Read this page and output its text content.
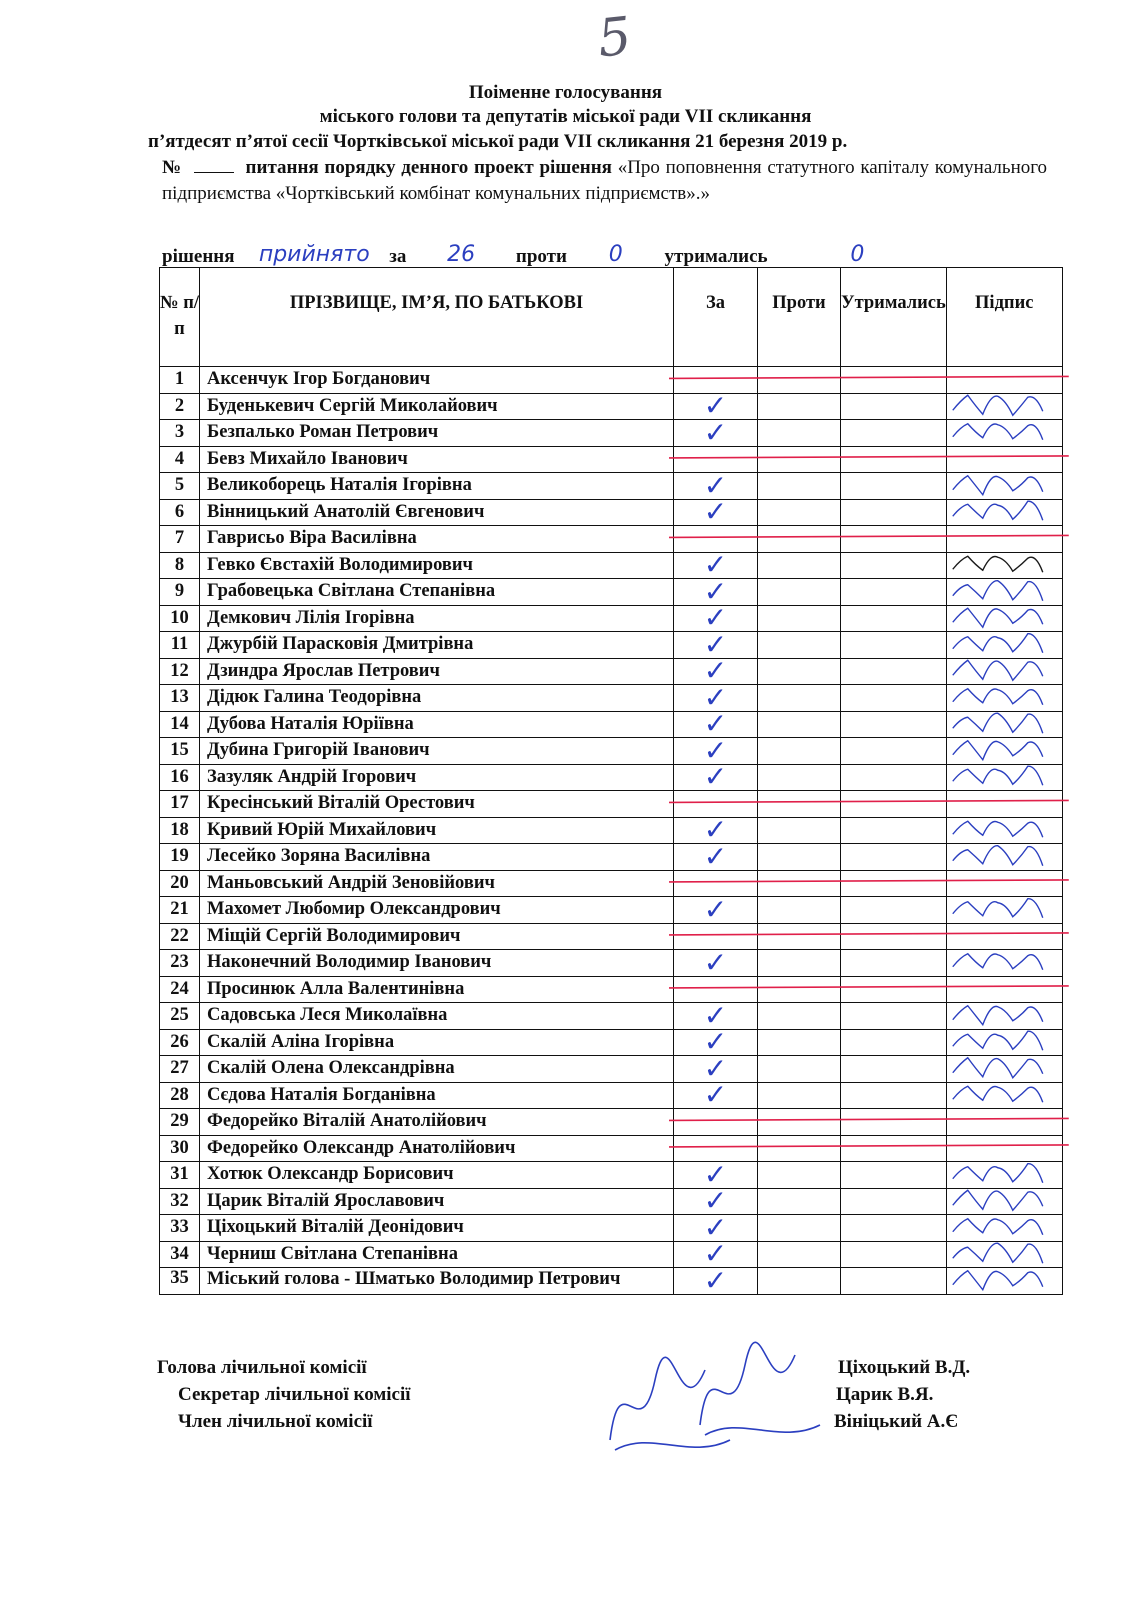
5
Поіменне голосування
міського голови та депутатів міської ради VII скликання
п’ятдесят п’ятої сесії Чортківської міської ради VII скликання 21 березня 2019 р.
№	питання порядку денного проект рішення «Про поповнення статутного капіталу комунального підприємства «Чортківський комбінат комунальних підприємств».»
рішення прийнято за 26 проти 0 утримались	0
№ п/п	ПРІЗВИЩЕ, ІМ’Я, ПО БАТЬКОВІ	За	Проти	Утримались	Підпис
1	Аксенчук Ігор Богданович				
2	Буденькевич Сергій Миколайович	✓			

3	Безпалько Роман Петрович	✓			

4	Бевз Михайло Іванович				
5	Великоборець Наталія Ігорівна	✓			

6	Вінницький Анатолій Євгенович	✓			

7	Гаврисьо Віра Василівна				
8	Гевко Євстахій Володимирович	✓			

9	Грабовецька Світлана Степанівна	✓			

10	Демкович Лілія Ігорівна	✓			

11	Джурбій Парасковія Дмитрівна	✓			

12	Дзиндра Ярослав Петрович	✓			

13	Дідюк Галина Теодорівна	✓			

14	Дубова Наталія Юріївна	✓			

15	Дубина Григорій Іванович	✓			

16	Зазуляк Андрій Ігорович	✓			

17	Кресінський Віталій Орестович				
18	Кривий Юрій Михайлович	✓			

19	Лесейко Зоряна Василівна	✓			

20	Маньовський Андрій Зеновійович				
21	Махомет Любомир Олександрович	✓			

22	Міщій Сергій Володимирович				
23	Наконечний Володимир Іванович	✓			

24	Просинюк Алла Валентинівна				
25	Садовська Леся Миколаївна	✓			

26	Скалій Аліна Ігорівна	✓			

27	Скалій Олена Олександрівна	✓			

28	Сєдова Наталія Богданівна	✓			

29	Федорейко Віталій Анатолійович				
30	Федорейко Олександр Анатолійович				
31	Хотюк Олександр Борисович	✓			

32	Царик Віталій Ярославович	✓			

33	Ціхоцький Віталій Деонідович	✓			

34	Черниш Світлана Степанівна	✓			

35	Міський голова - Шматько Володимир Петрович	✓			

Голова лічильної комісії	Ціхоцький В.Д.
Секретар лічильної комісії	Царик В.Я.
Член лічильної комісії	Вініцький А.Є
